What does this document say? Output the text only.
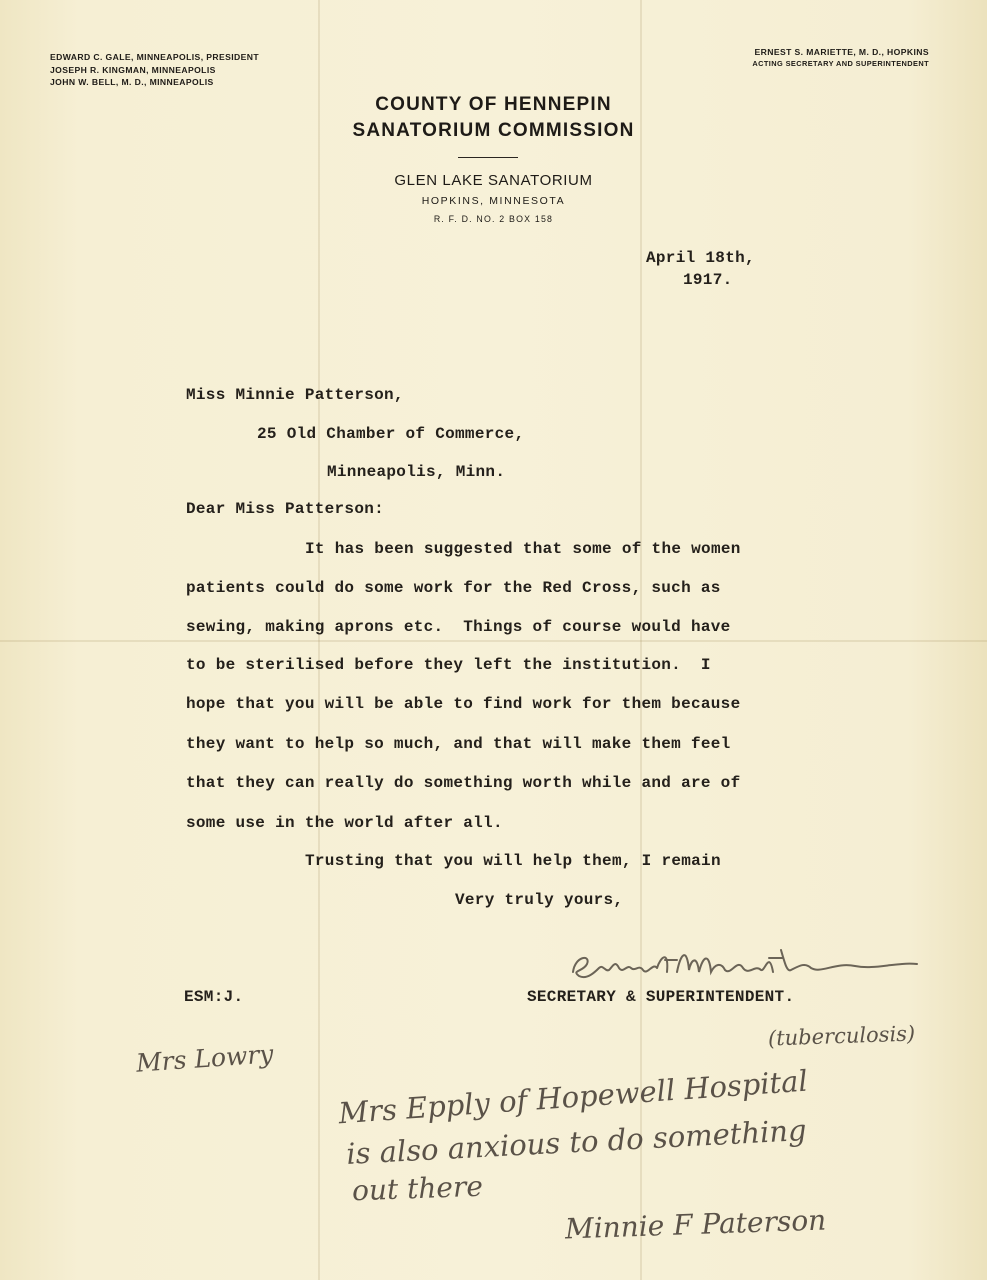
EDWARD C. GALE, MINNEAPOLIS, PRESIDENT
JOSEPH R. KINGMAN, MINNEAPOLIS
JOHN W. BELL, M. D., MINNEAPOLIS
ERNEST S. MARIETTE, M. D., HOPKINS
ACTING SECRETARY AND SUPERINTENDENT
COUNTY OF HENNEPIN
SANATORIUM COMMISSION
GLEN LAKE SANATORIUM
HOPKINS, MINNESOTA
R. F. D. NO. 2 BOX 158
April 18th,
1917.
Miss Minnie Patterson,
25 Old Chamber of Commerce,
Minneapolis, Minn.
Dear Miss Patterson:
It has been suggested that some of the women
patients could do some work for the Red Cross, such as
sewing, making aprons etc.  Things of course would have
to be sterilised before they left the institution.  I
hope that you will be able to find work for them because
they want to help so much, and that will make them feel
that they can really do something worth while and are of
some use in the world after all.
Trusting that you will help them, I remain
Very truly yours,
ESM:J.	SECRETARY & SUPERINTENDENT.
Mrs Lowry
(tuberculosis)
Mrs Epply of Hopewell Hospital
is also anxious to do something
out there
Minnie F Paterson
